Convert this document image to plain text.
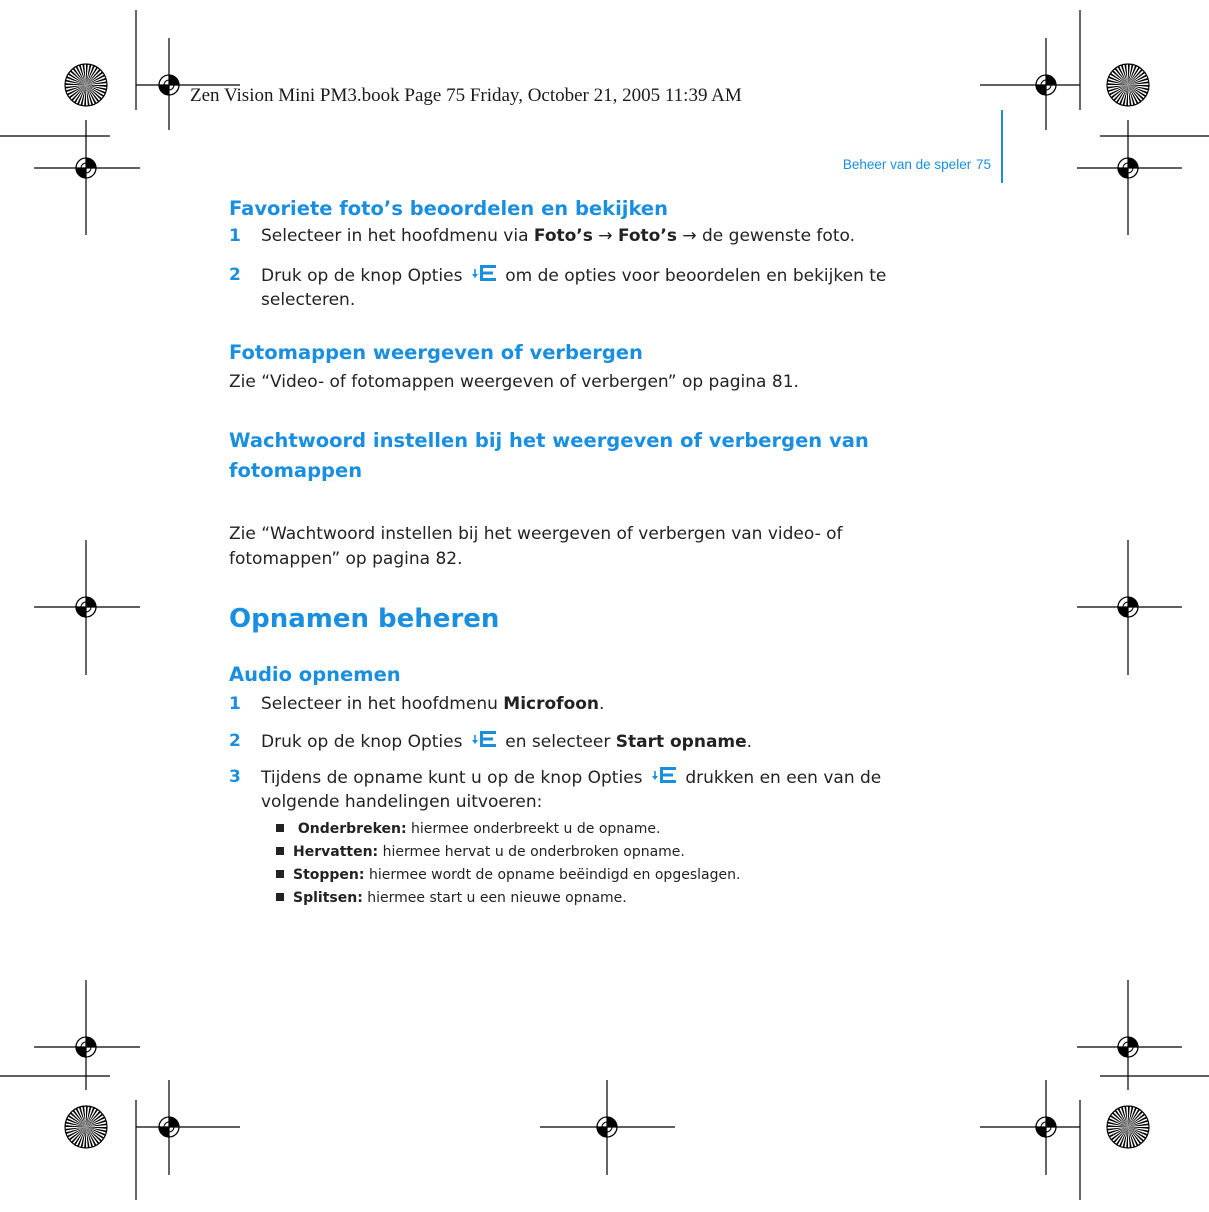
Zen Vision Mini PM3.book Page 75 Friday, October 21, 2005 11:39 AM
Beheer van de speler 75
Favoriete foto’s beoordelen en bekijken
1 Selecteer in het hoofdmenu via Foto’s → Foto’s → de gewenste foto.
2 Druk op de knop Opties  om de opties voor beoordelen en bekijken te
selecteren.
Fotomappen weergeven of verbergen

Zie “Video- of fotomappen weergeven of verbergen” op pagina 81.

Wachtwoord instellen bij het weergeven of verbergen van
fotomappen

Zie “Wachtwoord instellen bij het weergeven of verbergen van video- of

fotomappen” op pagina 82.

Opnamen beheren
Audio opnemen
1 Selecteer in het hoofdmenu Microfoon.
2 Druk op de knop Opties  en selecteer Start opname.
3 Tijdens de opname kunt u op de knop Opties  drukken en een van de
volgende handelingen uitvoeren:
Onderbreken: hiermee onderbreekt u de opname.
Hervatten: hiermee hervat u de onderbroken opname.
Stoppen: hiermee wordt de opname beëindigd en opgeslagen.
Splitsen: hiermee start u een nieuwe opname.
